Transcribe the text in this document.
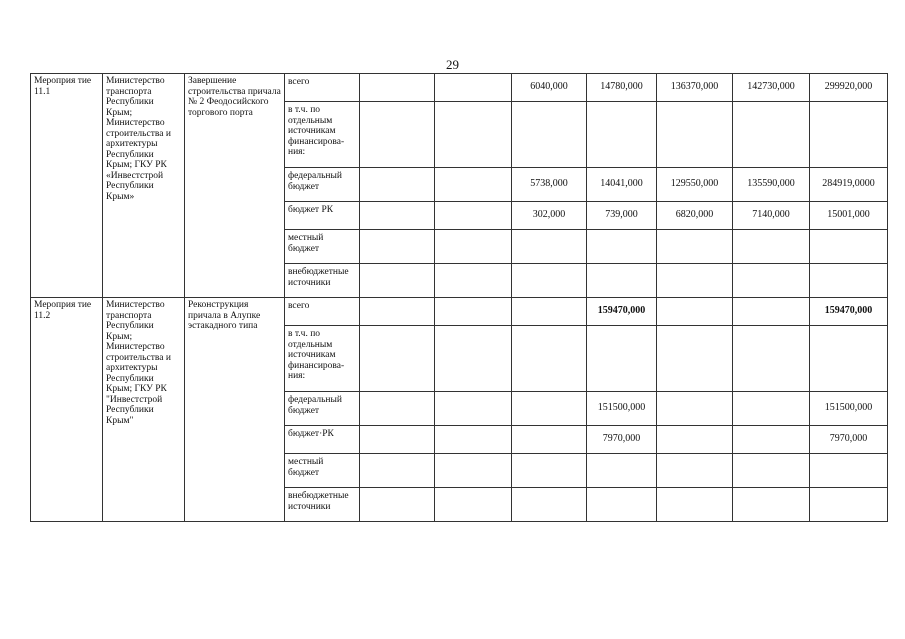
29
Мероприя тие 11.1	Министерство транспорта Республики Крым; Министерство строительства и архитектуры Республики Крым; ГКУ РК «Инвестстрой Республики Крым»	Завершение строительства причала № 2 Феодосийского торгового порта	всего			6040,000	14780,000	136370,000	142730,000	299920,000
			в т.ч. по отдельным источникам финансирова-ния:							
			федеральный бюджет			5738,000	14041,000	129550,000	135590,000	284919,0000
			бюджет РК			302,000	739,000	6820,000	7140,000	15001,000
			местный бюджет							
			внебюджетные источники							
Мероприя тие 11.2	Министерство транспорта Республики Крым; Министерство строительства и архитектуры Республики Крым; ГКУ РК "Инвестстрой Республики Крым"	Реконструкция причала в Алупке эстакадного типа	всего				159470,000			159470,000
			в т.ч. по отдельным источникам финансирова-ния:							
			федеральный бюджет				151500,000			151500,000
			бюджет·РК				7970,000			7970,000
			местный бюджет							
			внебюджетные источники							
